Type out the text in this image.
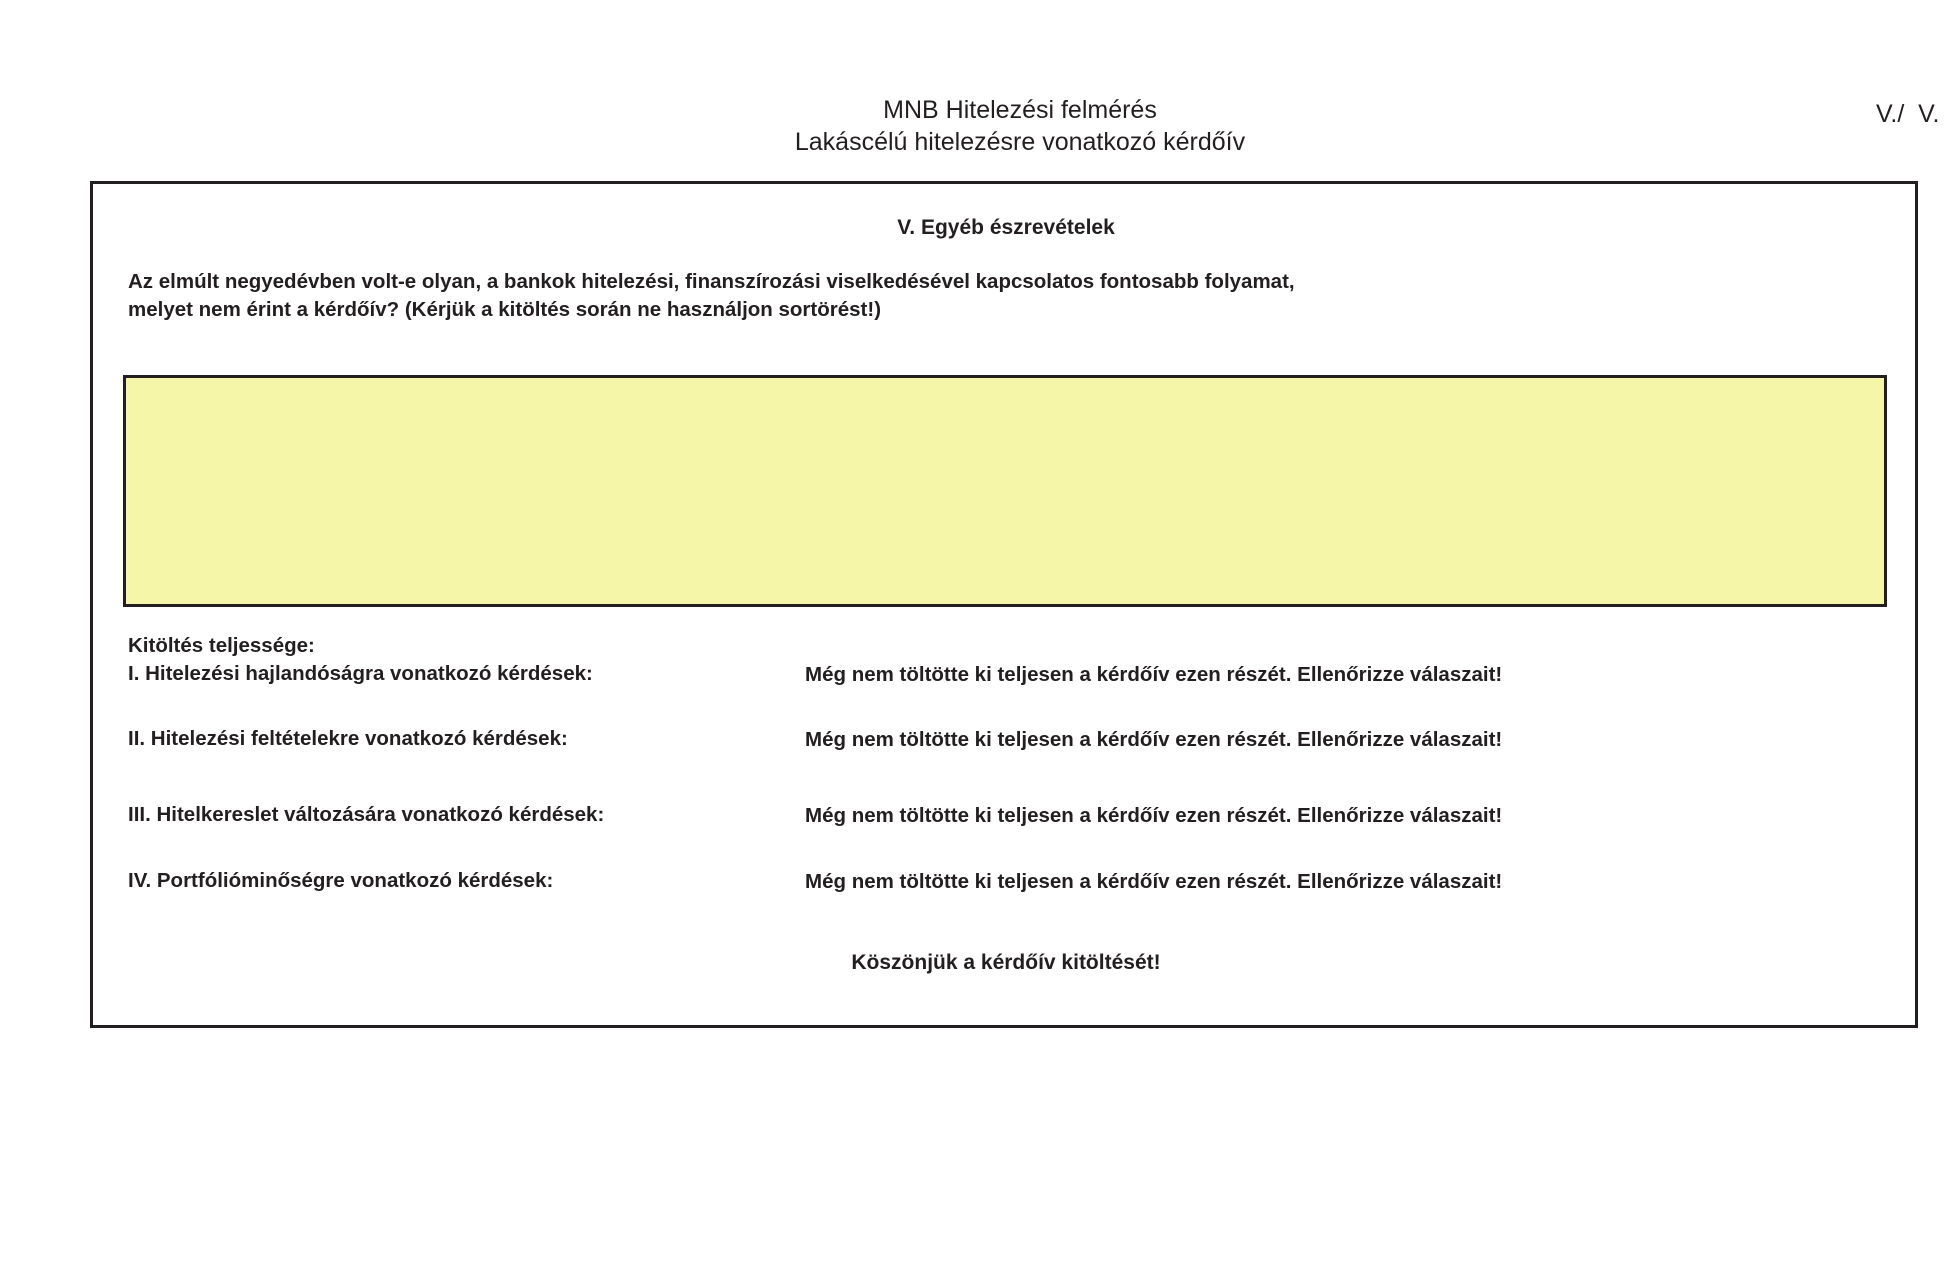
MNB Hitelezési felmérés
Lakáscélú hitelezésre vonatkozó kérdőív
V./  V.
V. Egyéb észrevételek
Az elmúlt negyedévben volt-e olyan, a bankok hitelezési, finanszírozási viselkedésével kapcsolatos fontosabb folyamat,
melyet nem érint a kérdőív? (Kérjük a kitöltés során ne használjon sortörést!)
Kitöltés teljessége:
I. Hitelezési hajlandóságra vonatkozó kérdések:	Még nem töltötte ki teljesen a kérdőív ezen részét. Ellenőrizze válaszait!
II. Hitelezési feltételekre vonatkozó kérdések:	Még nem töltötte ki teljesen a kérdőív ezen részét. Ellenőrizze válaszait!
III. Hitelkereslet változására vonatkozó kérdések:	Még nem töltötte ki teljesen a kérdőív ezen részét. Ellenőrizze válaszait!
IV. Portfólióminőségre vonatkozó kérdések:	Még nem töltötte ki teljesen a kérdőív ezen részét. Ellenőrizze válaszait!
Köszönjük a kérdőív kitöltését!
